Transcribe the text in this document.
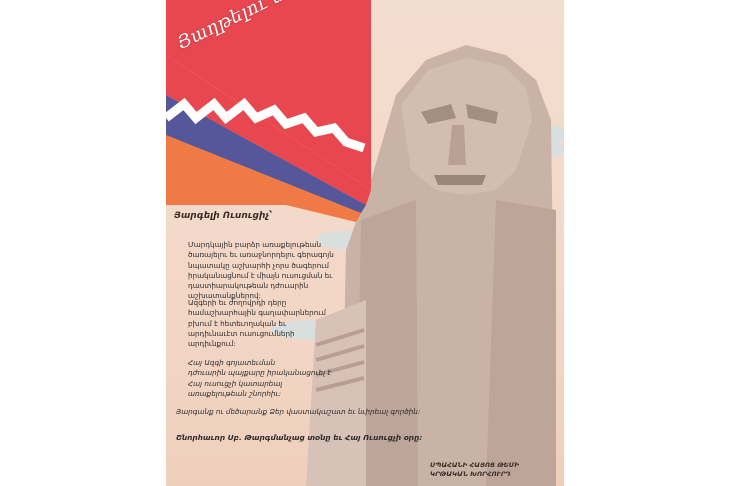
Յարգելի Ուսուցիչ՝
Մարդկային բարձր առաքելութեան
ծառայելու եւ առաջնորդելու գերագոյն
նպատակը աշխարհի չորս ծագերում
իրականացնում է միայն ուսուցման եւ
դաստիարակութեան դժուարին
աշխատանքներով:
Ազգերի եւ ժողովրդի դերը
համաշխարհային գաղափարներում
բխում է հետեւողական եւ
արդիւնաւէտ ուսուցումների
արդիւնքում:
Հայ Ազգի գոյատեւման
դժուարին պայքարը իրականացուել է
Հայ ուսուցչի կատարեալ
առաքելութեան շնորհիւ:
Յարգանք ու մեծարանք Ձեր վաստակաշատ եւ նւիրեալ գործին:
Շնորհաւոր Սբ. Թարգմանչաց տօնը եւ Հայ Ուսուցչի օրը:
ՍՊԱՀԱՆԻ ՀԱՅՈՑ ԹԵՄԻ
ԿՐԹԱԿԱՆ ԽՈՐՀՈՒՐԴ
